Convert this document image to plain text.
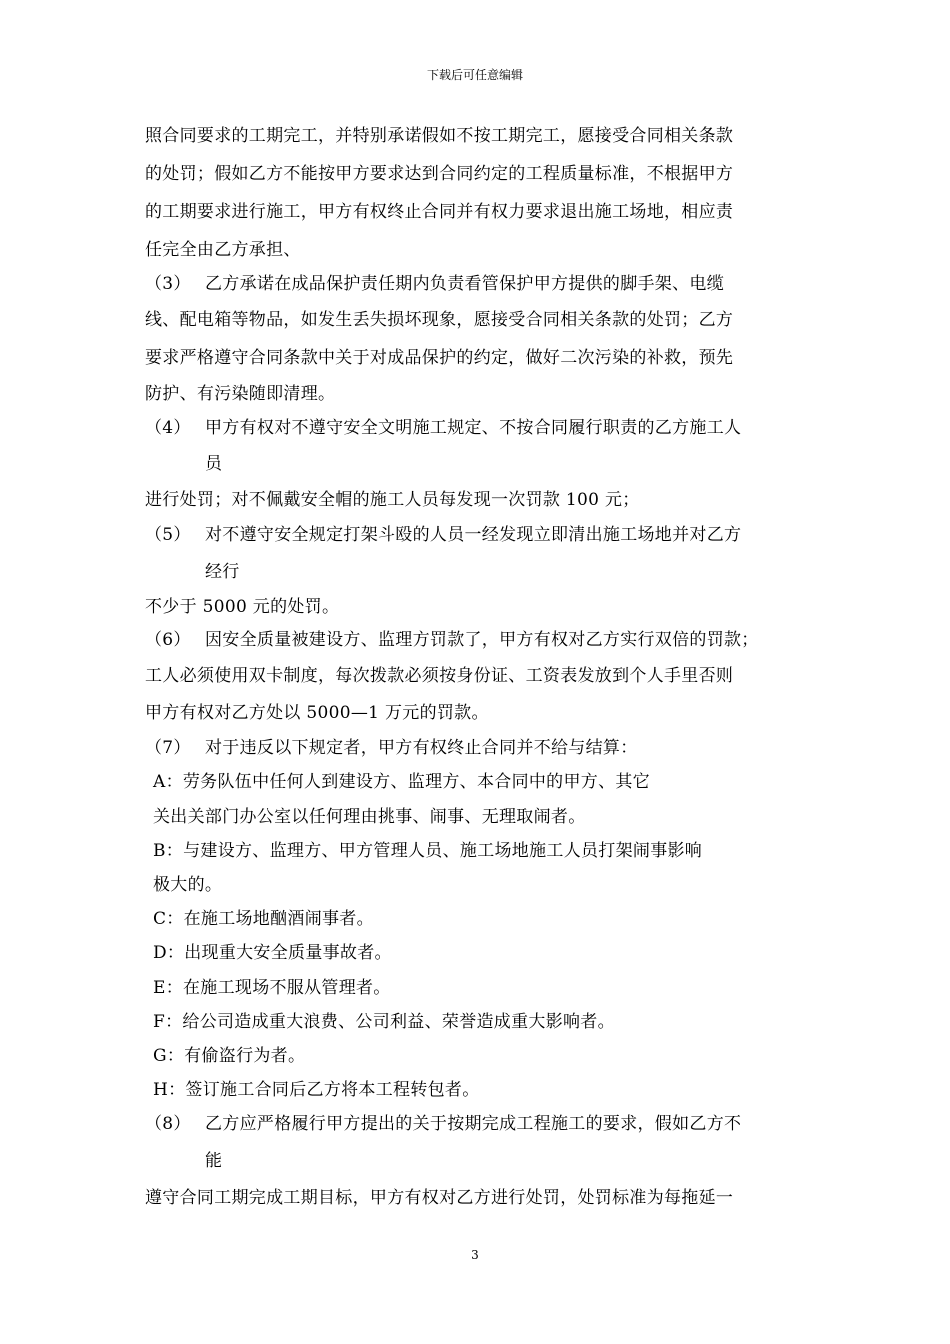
下载后可任意编辑
照合同要求的工期完工，并特别承诺假如不按工期完工，愿接受合同相关条款
的处罚；假如乙方不能按甲方要求达到合同约定的工程质量标准，不根据甲方
的工期要求进行施工，甲方有权终止合同并有权力要求退出施工场地，相应责
任完全由乙方承担、
（3） 乙方承诺在成品保护责任期内负责看管保护甲方提供的脚手架、电缆
线、配电箱等物品，如发生丢失损坏现象，愿接受合同相关条款的处罚；乙方
要求严格遵守合同条款中关于对成品保护的约定，做好二次污染的补救，预先
防护、有污染随即清理。
（4） 甲方有权对不遵守安全文明施工规定、不按合同履行职责的乙方施工人
员
进行处罚；对不佩戴安全帽的施工人员每发现一次罚款 100 元；
（5） 对不遵守安全规定打架斗殴的人员一经发现立即清出施工场地并对乙方
经行
不少于 5000 元的处罚。
（6） 因安全质量被建设方、监理方罚款了，甲方有权对乙方实行双倍的罚款；
工人必须使用双卡制度，每次拨款必须按身份证、工资表发放到个人手里否则
甲方有权对乙方处以 5000—1 万元的罚款。
（7） 对于违反以下规定者，甲方有权终止合同并不给与结算：
A：劳务队伍中任何人到建设方、监理方、本合同中的甲方、其它
关出关部门办公室以任何理由挑事、闹事、无理取闹者。
B：与建设方、监理方、甲方管理人员、施工场地施工人员打架闹事影响
极大的。
C：在施工场地酗酒闹事者。
D：出现重大安全质量事故者。
E：在施工现场不服从管理者。
F：给公司造成重大浪费、公司利益、荣誉造成重大影响者。
G：有偷盗行为者。
H：签订施工合同后乙方将本工程转包者。
（8） 乙方应严格履行甲方提出的关于按期完成工程施工的要求，假如乙方不
能
遵守合同工期完成工期目标，甲方有权对乙方进行处罚，处罚标准为每拖延一
3
